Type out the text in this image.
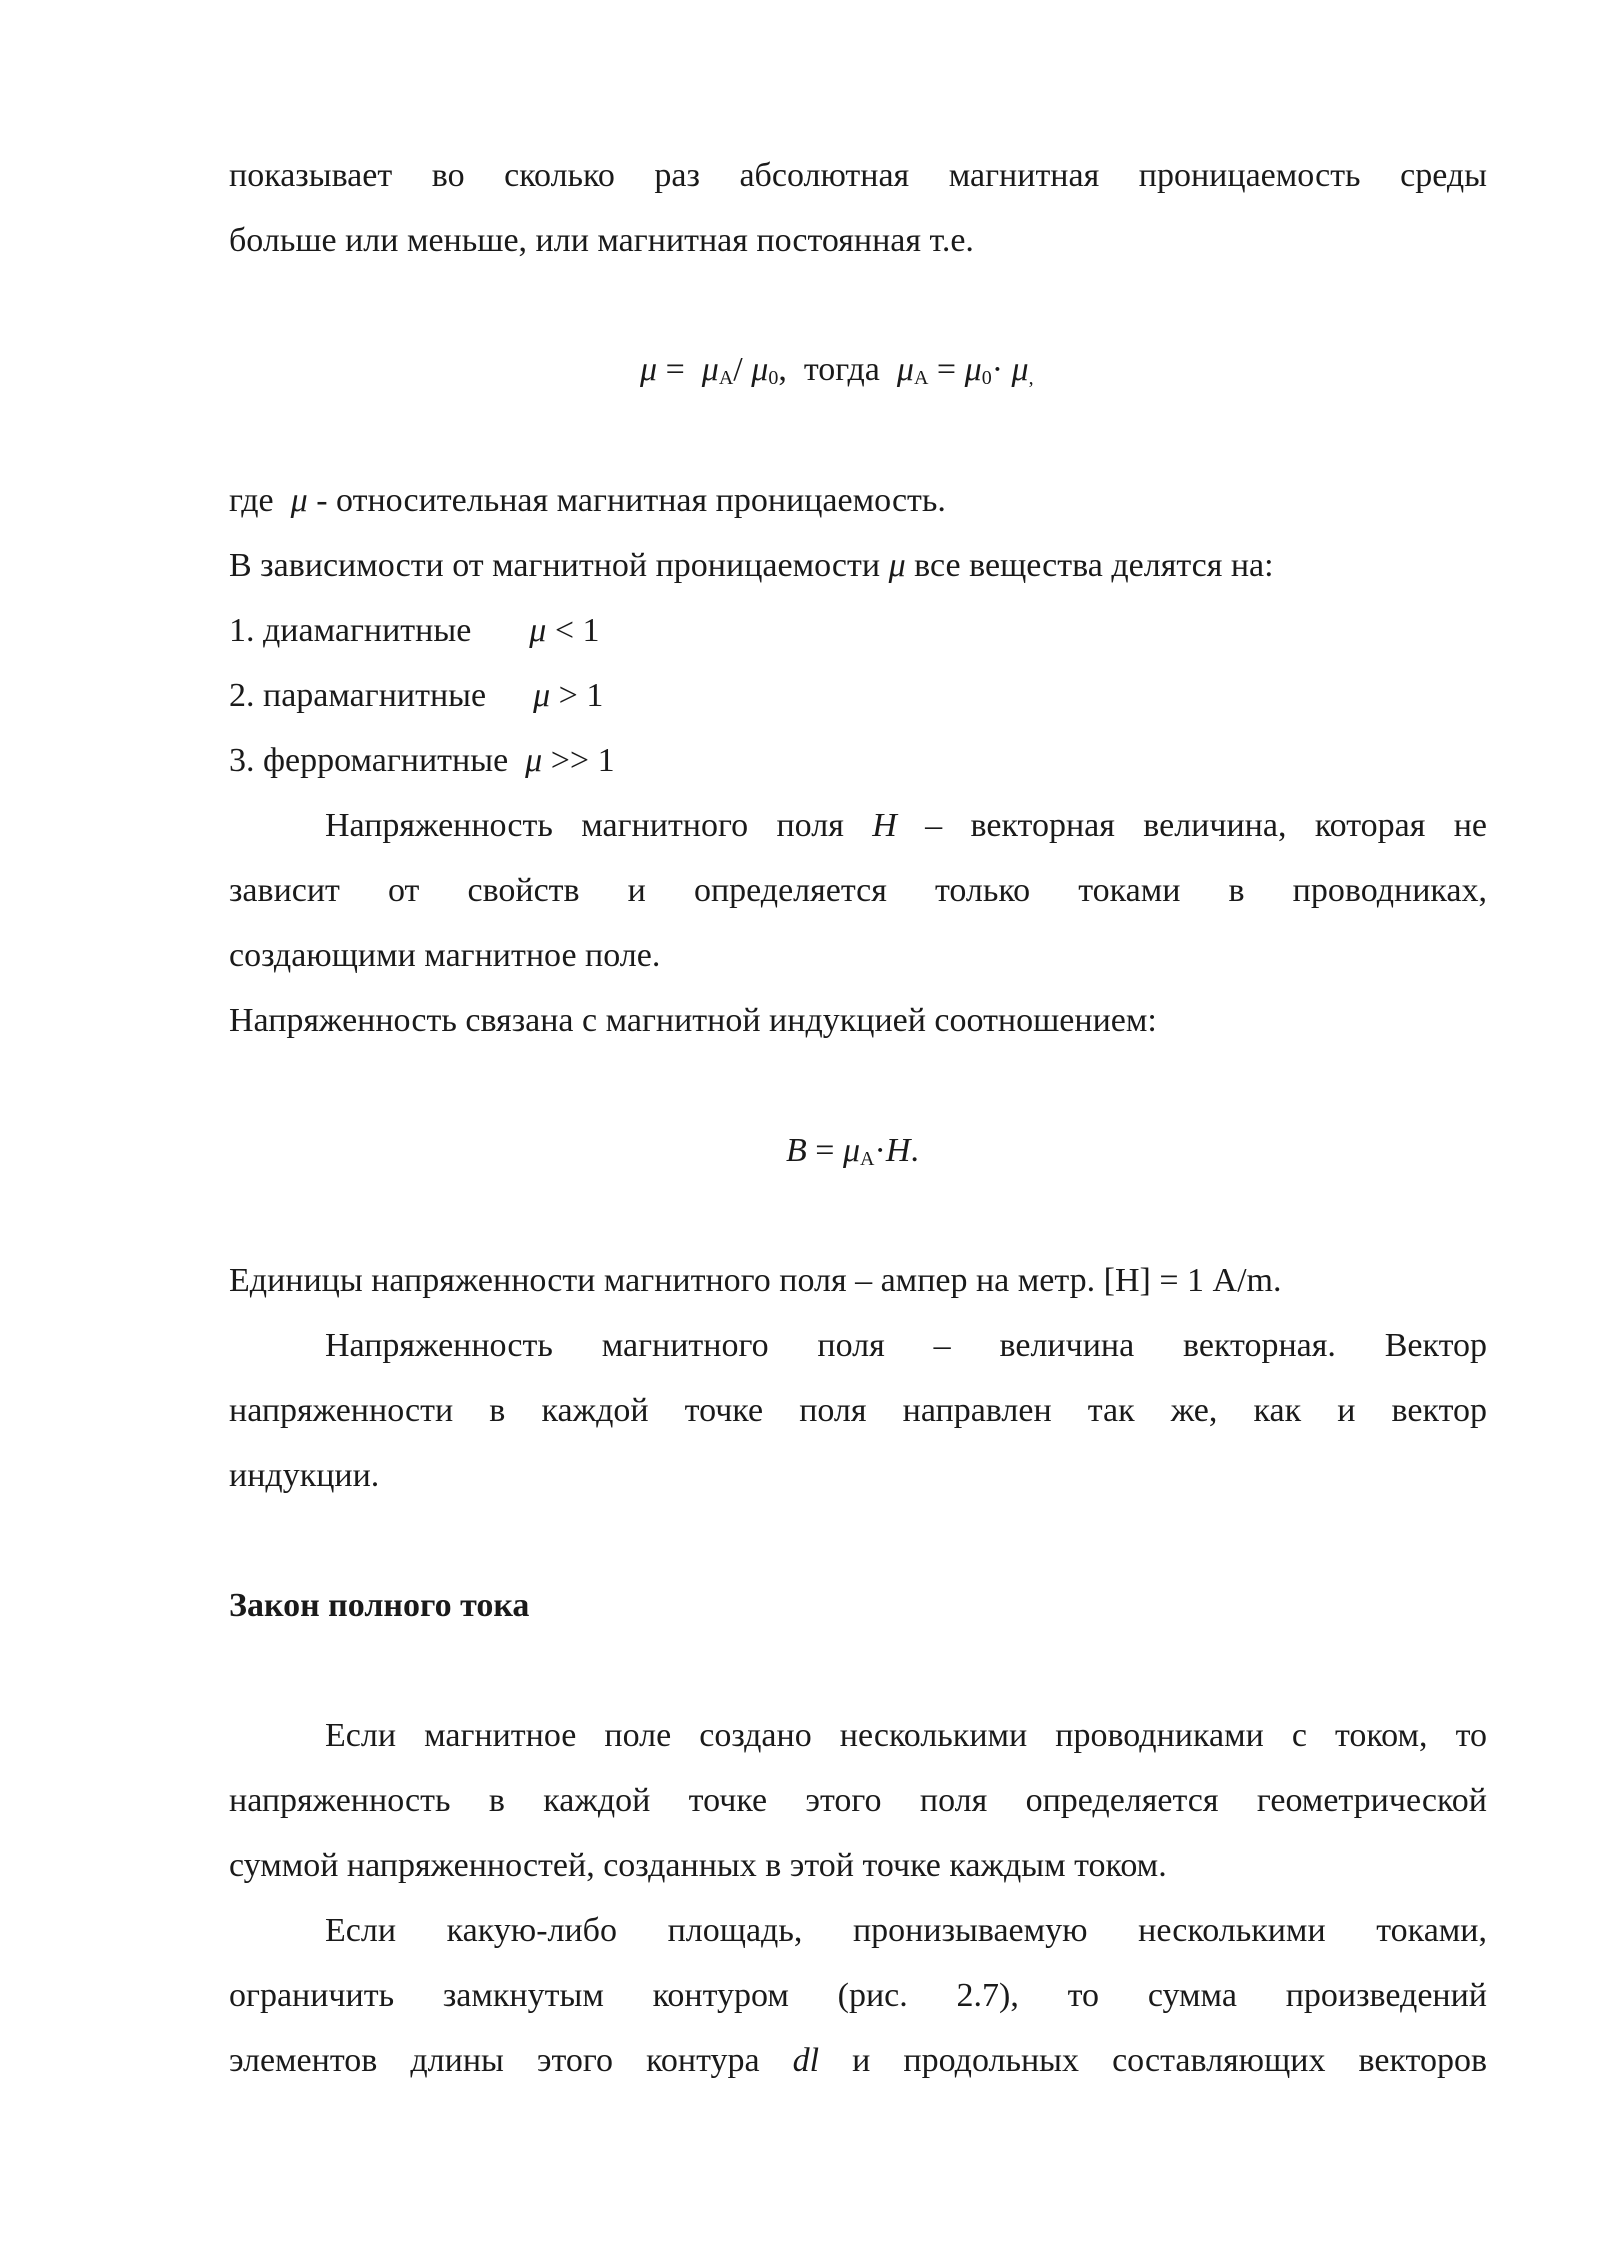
показывает во сколько раз абсолютная магнитная проницаемость среды
больше или меньше, или магнитная постоянная т.е.
$\mu = \mu_A/$ $\mu_0$,  тогда  $\mu_A = \mu_0\cdot \mu_,$
где  μ - относительная магнитная проницаемость.
В зависимости от магнитной проницаемости μ все вещества делятся на:
1. диамагнитные μ < 1
2. парамагнитные μ > 1
3. ферромагнитные μ >> 1
Напряженность магнитного поля H – векторная величина, которая не
зависит от свойств и определяется только токами в проводниках,
создающими магнитное поле.
Напряженность связана с магнитной индукцией соотношением:
$B = \mu_A\cdot H$.
Единицы напряженности магнитного поля – ампер на метр. [H] = 1 A/m.
Напряженность магнитного поля – величина векторная. Вектор
напряженности в каждой точке поля направлен так же, как и вектор
индукции.
Закон полного тока
Если магнитное поле создано несколькими проводниками с током, то
напряженность в каждой точке этого поля определяется геометрической
суммой напряженностей, созданных в этой точке каждым током.
Если какую-либо площадь, пронизываемую несколькими токами,
ограничить замкнутым контуром (рис. 2.7), то сумма произведений
элементов длины этого контура dl и продольных составляющих векторов
